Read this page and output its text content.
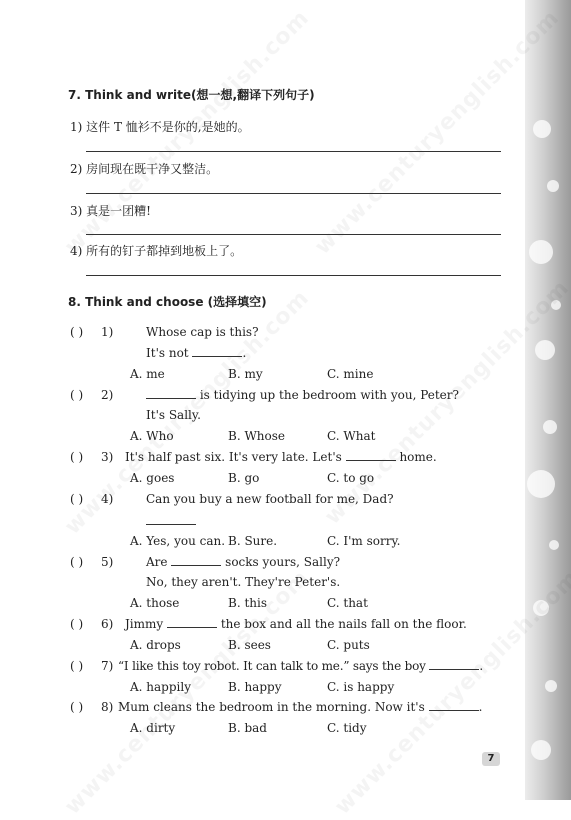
7. Think and write(想一想,翻译下列句子)
1) 这件 T 恤衫不是你的,是她的。
2) 房间现在既干净又整洁。
3) 真是一团糟!
4) 所有的钉子都掉到地板上了。
8. Think and choose (选择填空)
( ) 1)	Whose cap is this?
It's not	.
A. me	B. my	C. mine
( ) 2)	is tidying up the bedroom with you, Peter?
It's Sally.
A. Who	B. Whose	C. What
( ) 3) It's half past six. It's very late. Let's	home.
A. goes	B. go	C. to go
( ) 4)	Can you buy a new football for me, Dad?
A. Yes, you can. B. Sure.	C. I'm sorry.
( ) 5)	Are	socks yours, Sally?
No, they aren't. They're Peter's.
A. those	B. this	C. that
( ) 6) Jimmy	the box and all the nails fall on the floor.
A. drops	B. sees	C. puts
( ) 7) “I like this toy robot. It can talk to me.” says the boy	.
A. happily	B. happy	C. is happy
( ) 8) Mum cleans the bedroom in the morning. Now it's	.
A. dirty	B. bad	C. tidy
7
